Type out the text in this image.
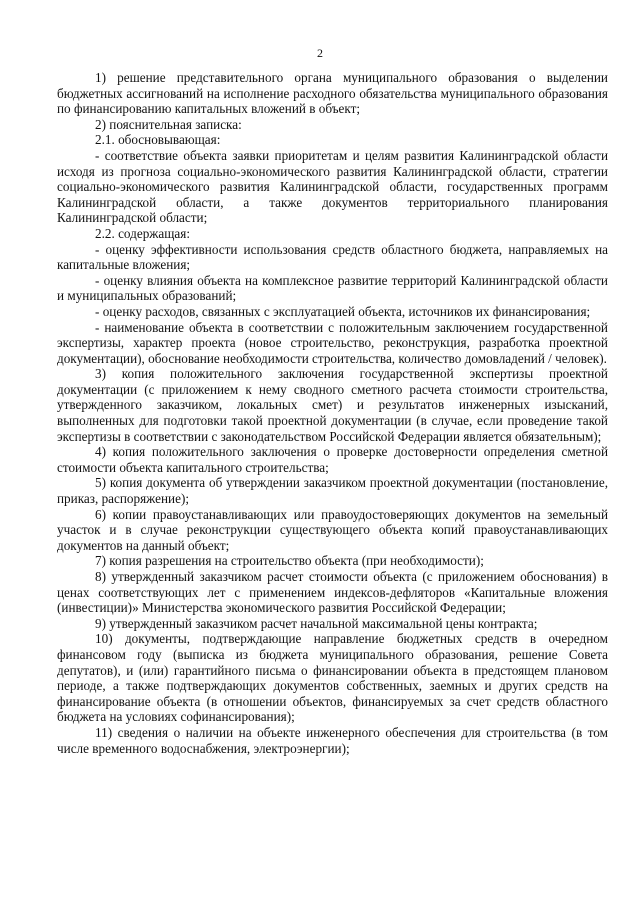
2

1) решение представительного органа муниципального образования о выделении бюджетных ассигнований на исполнение расходного обязательства муниципального образования по финансированию капитальных вложений в объект;

2) пояснительная записка:

2.1. обосновывающая:

- соответствие объекта заявки приоритетам и целям развития Калининградской области исходя из прогноза социально-экономического развития Калининградской области, стратегии социально-экономического развития Калининградской области, государственных программ Калининградской области, а также документов территориального планирования Калининградской области;

2.2. содержащая:

- оценку эффективности использования средств областного бюджета, направляемых на капитальные вложения;

- оценку влияния объекта на комплексное развитие территорий Калининградской области и муниципальных образований;

- оценку расходов, связанных с эксплуатацией объекта, источников их финансирования;

- наименование объекта в соответствии с положительным заключением государственной экспертизы, характер проекта (новое строительство, реконструкция, разработка проектной документации), обоснование необходимости строительства, количество домовладений / человек).

3) копия положительного заключения государственной экспертизы проектной документации (с приложением к нему сводного сметного расчета стоимости строительства, утвержденного заказчиком, локальных смет) и результатов инженерных изысканий, выполненных для подготовки такой проектной документации (в случае, если проведение такой экспертизы в соответствии с законодательством Российской Федерации является обязательным);

4) копия положительного заключения о проверке достоверности определения сметной стоимости объекта капитального строительства;

5) копия документа об утверждении заказчиком проектной документации (постановление, приказ, распоряжение);

6) копии правоустанавливающих или правоудостоверяющих документов на земельный участок и в случае реконструкции существующего объекта копий правоустанавливающих документов на данный объект;

7) копия разрешения на строительство объекта (при необходимости);

8) утвержденный заказчиком расчет стоимости объекта (с приложением обоснования) в ценах соответствующих лет с применением индексов-дефляторов «Капитальные вложения (инвестиции)» Министерства экономического развития Российской Федерации;

9) утвержденный заказчиком расчет начальной максимальной цены контракта;

10) документы, подтверждающие направление бюджетных средств в очередном финансовом году (выписка из бюджета муниципального образования, решение Совета депутатов), и (или) гарантийного письма о финансировании объекта в предстоящем плановом периоде, а также подтверждающих документов собственных, заемных и других средств на финансирование объекта (в отношении объектов, финансируемых за счет средств областного бюджета на условиях софинансирования);

11) сведения о наличии на объекте инженерного обеспечения для строительства (в том числе временного водоснабжения, электроэнергии);
